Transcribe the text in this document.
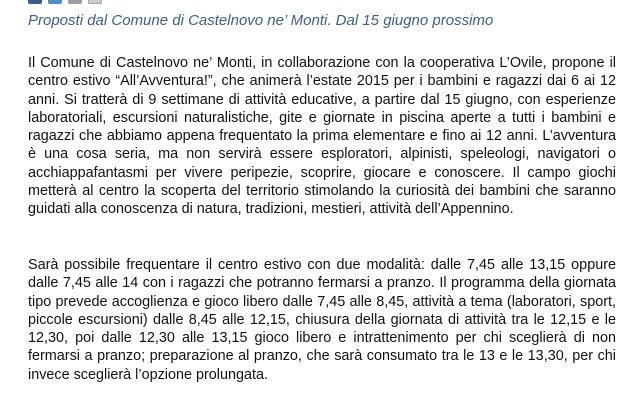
Proposti dal Comune di Castelnovo ne’ Monti. Dal 15 giugno prossimo

Il Comune di Castelnovo ne’ Monti, in collaborazione con la cooperativa L’Ovile, propone il centro estivo “All’Avventura!”, che animerà l’estate 2015 per i bambini e ragazzi dai 6 ai 12 anni. Si tratterà di 9 settimane di attività educative, a partire dal 15 giugno, con esperienze laboratoriali, escursioni naturalistiche, gite e giornate in piscina aperte a tutti i bambini e ragazzi che abbiamo appena frequentato la prima elementare e fino ai 12 anni. L’avventura è una cosa seria, ma non servirà essere esploratori, alpinisti, speleologi, navigatori o acchiappafantasmi per vivere peripezie, scoprire, giocare e conoscere. Il campo giochi metterà al centro la scoperta del territorio stimolando la curiosità dei bambini che saranno guidati alla conoscenza di natura, tradizioni, mestieri, attività dell’Appennino.

Sarà possibile frequentare il centro estivo con due modalità: dalle 7,45 alle 13,15 oppure dalle 7,45 alle 14 con i ragazzi che potranno fermarsi a pranzo. Il programma della giornata tipo prevede accoglienza e gioco libero dalle 7,45 alle 8,45, attività a tema (laboratori, sport, piccole escursioni) dalle 8,45 alle 12,15, chiusura della giornata di attività tra le 12,15 e le 12,30, poi dalle 12,30 alle 13,15 gioco libero e intrattenimento per chi sceglierà di non fermarsi a pranzo; preparazione al pranzo, che sarà consumato tra le 13 e le 13,30, per chi invece sceglierà l’opzione prolungata.
